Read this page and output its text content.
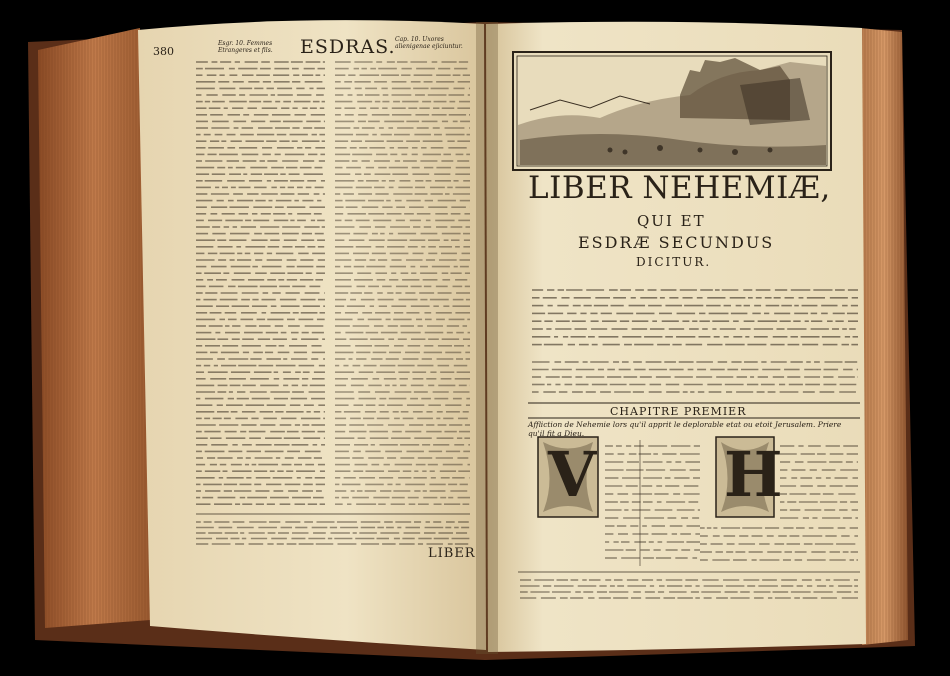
380
Esgr. 10. Femmes Etrangeres et fils.	ESDRAS. Cap. 10. Uxores alienigenae ejiciuntur.
LIBER
LIBER NEHEMIÆ,
QUI ET
ESDRÆ SECUNDUS
DICITUR.
CHAPITRE PREMIER
Affliction de Nehemie lors qu'il apprit le deplorable etat ou etoit Jerusalem. Priere qu'il fit a Dieu.
V H
